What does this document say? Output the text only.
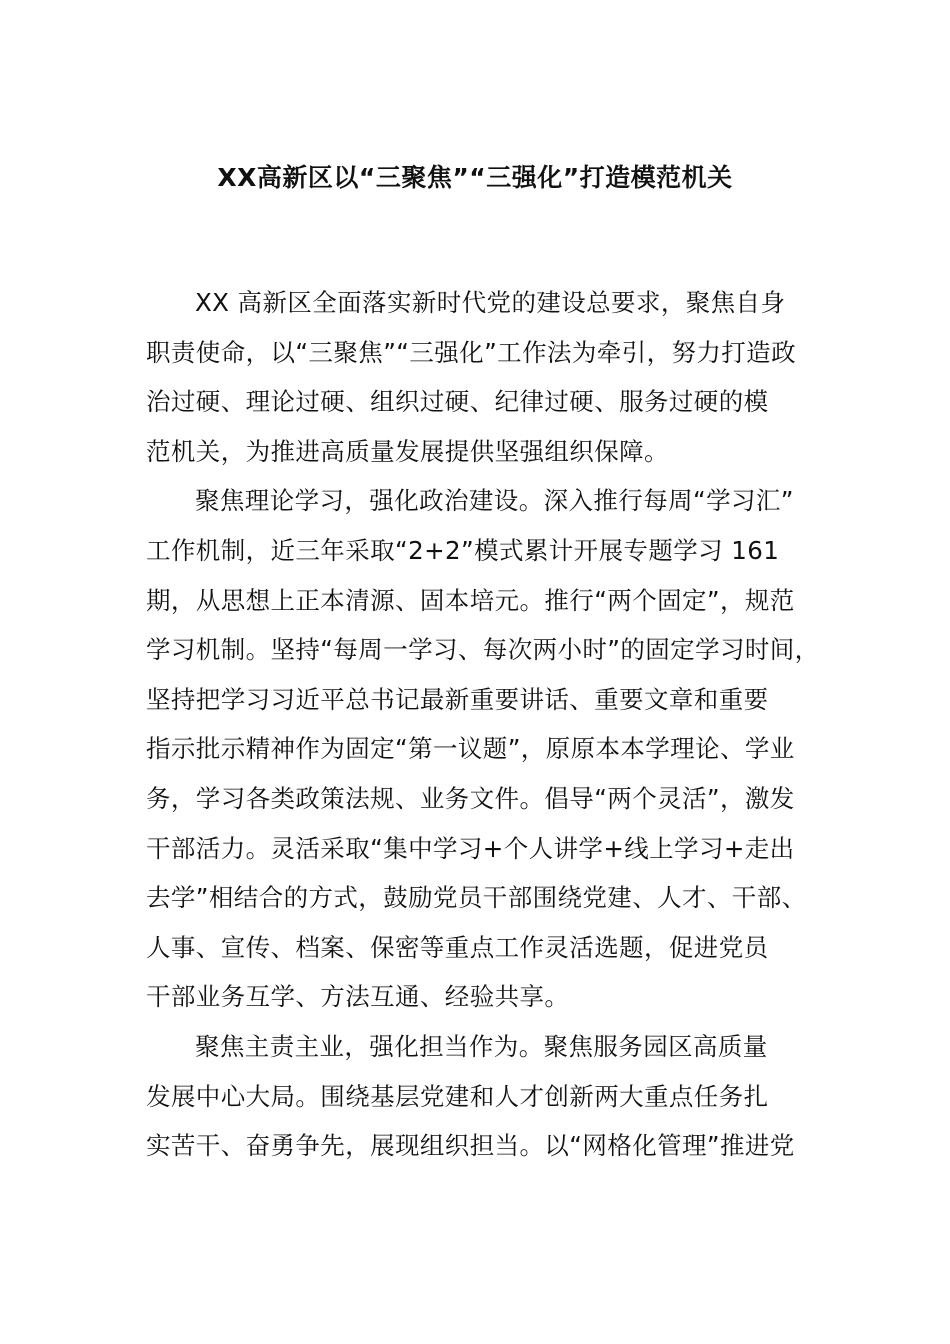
XX高新区以“三聚焦”“三强化”打造模范机关
XX 高新区全面落实新时代党的建设总要求，聚焦自身
职责使命，以“三聚焦”“三强化”工作法为牵引，努力打造政
治过硬、理论过硬、组织过硬、纪律过硬、服务过硬的模
范机关，为推进高质量发展提供坚强组织保障。
聚焦理论学习，强化政治建设。深入推行每周“学习汇”
工作机制，近三年采取“2+2”模式累计开展专题学习 161
期，从思想上正本清源、固本培元。推行“两个固定”，规范
学习机制。坚持“每周一学习、每次两小时”的固定学习时间，
坚持把学习习近平总书记最新重要讲话、重要文章和重要
指示批示精神作为固定“第一议题”，原原本本学理论、学业
务，学习各类政策法规、业务文件。倡导“两个灵活”，激发
干部活力。灵活采取“集中学习+个人讲学+线上学习+走出
去学”相结合的方式，鼓励党员干部围绕党建、人才、干部、
人事、宣传、档案、保密等重点工作灵活选题，促进党员
干部业务互学、方法互通、经验共享。
聚焦主责主业，强化担当作为。聚焦服务园区高质量
发展中心大局。围绕基层党建和人才创新两大重点任务扎
实苦干、奋勇争先，展现组织担当。以“网格化管理”推进党
